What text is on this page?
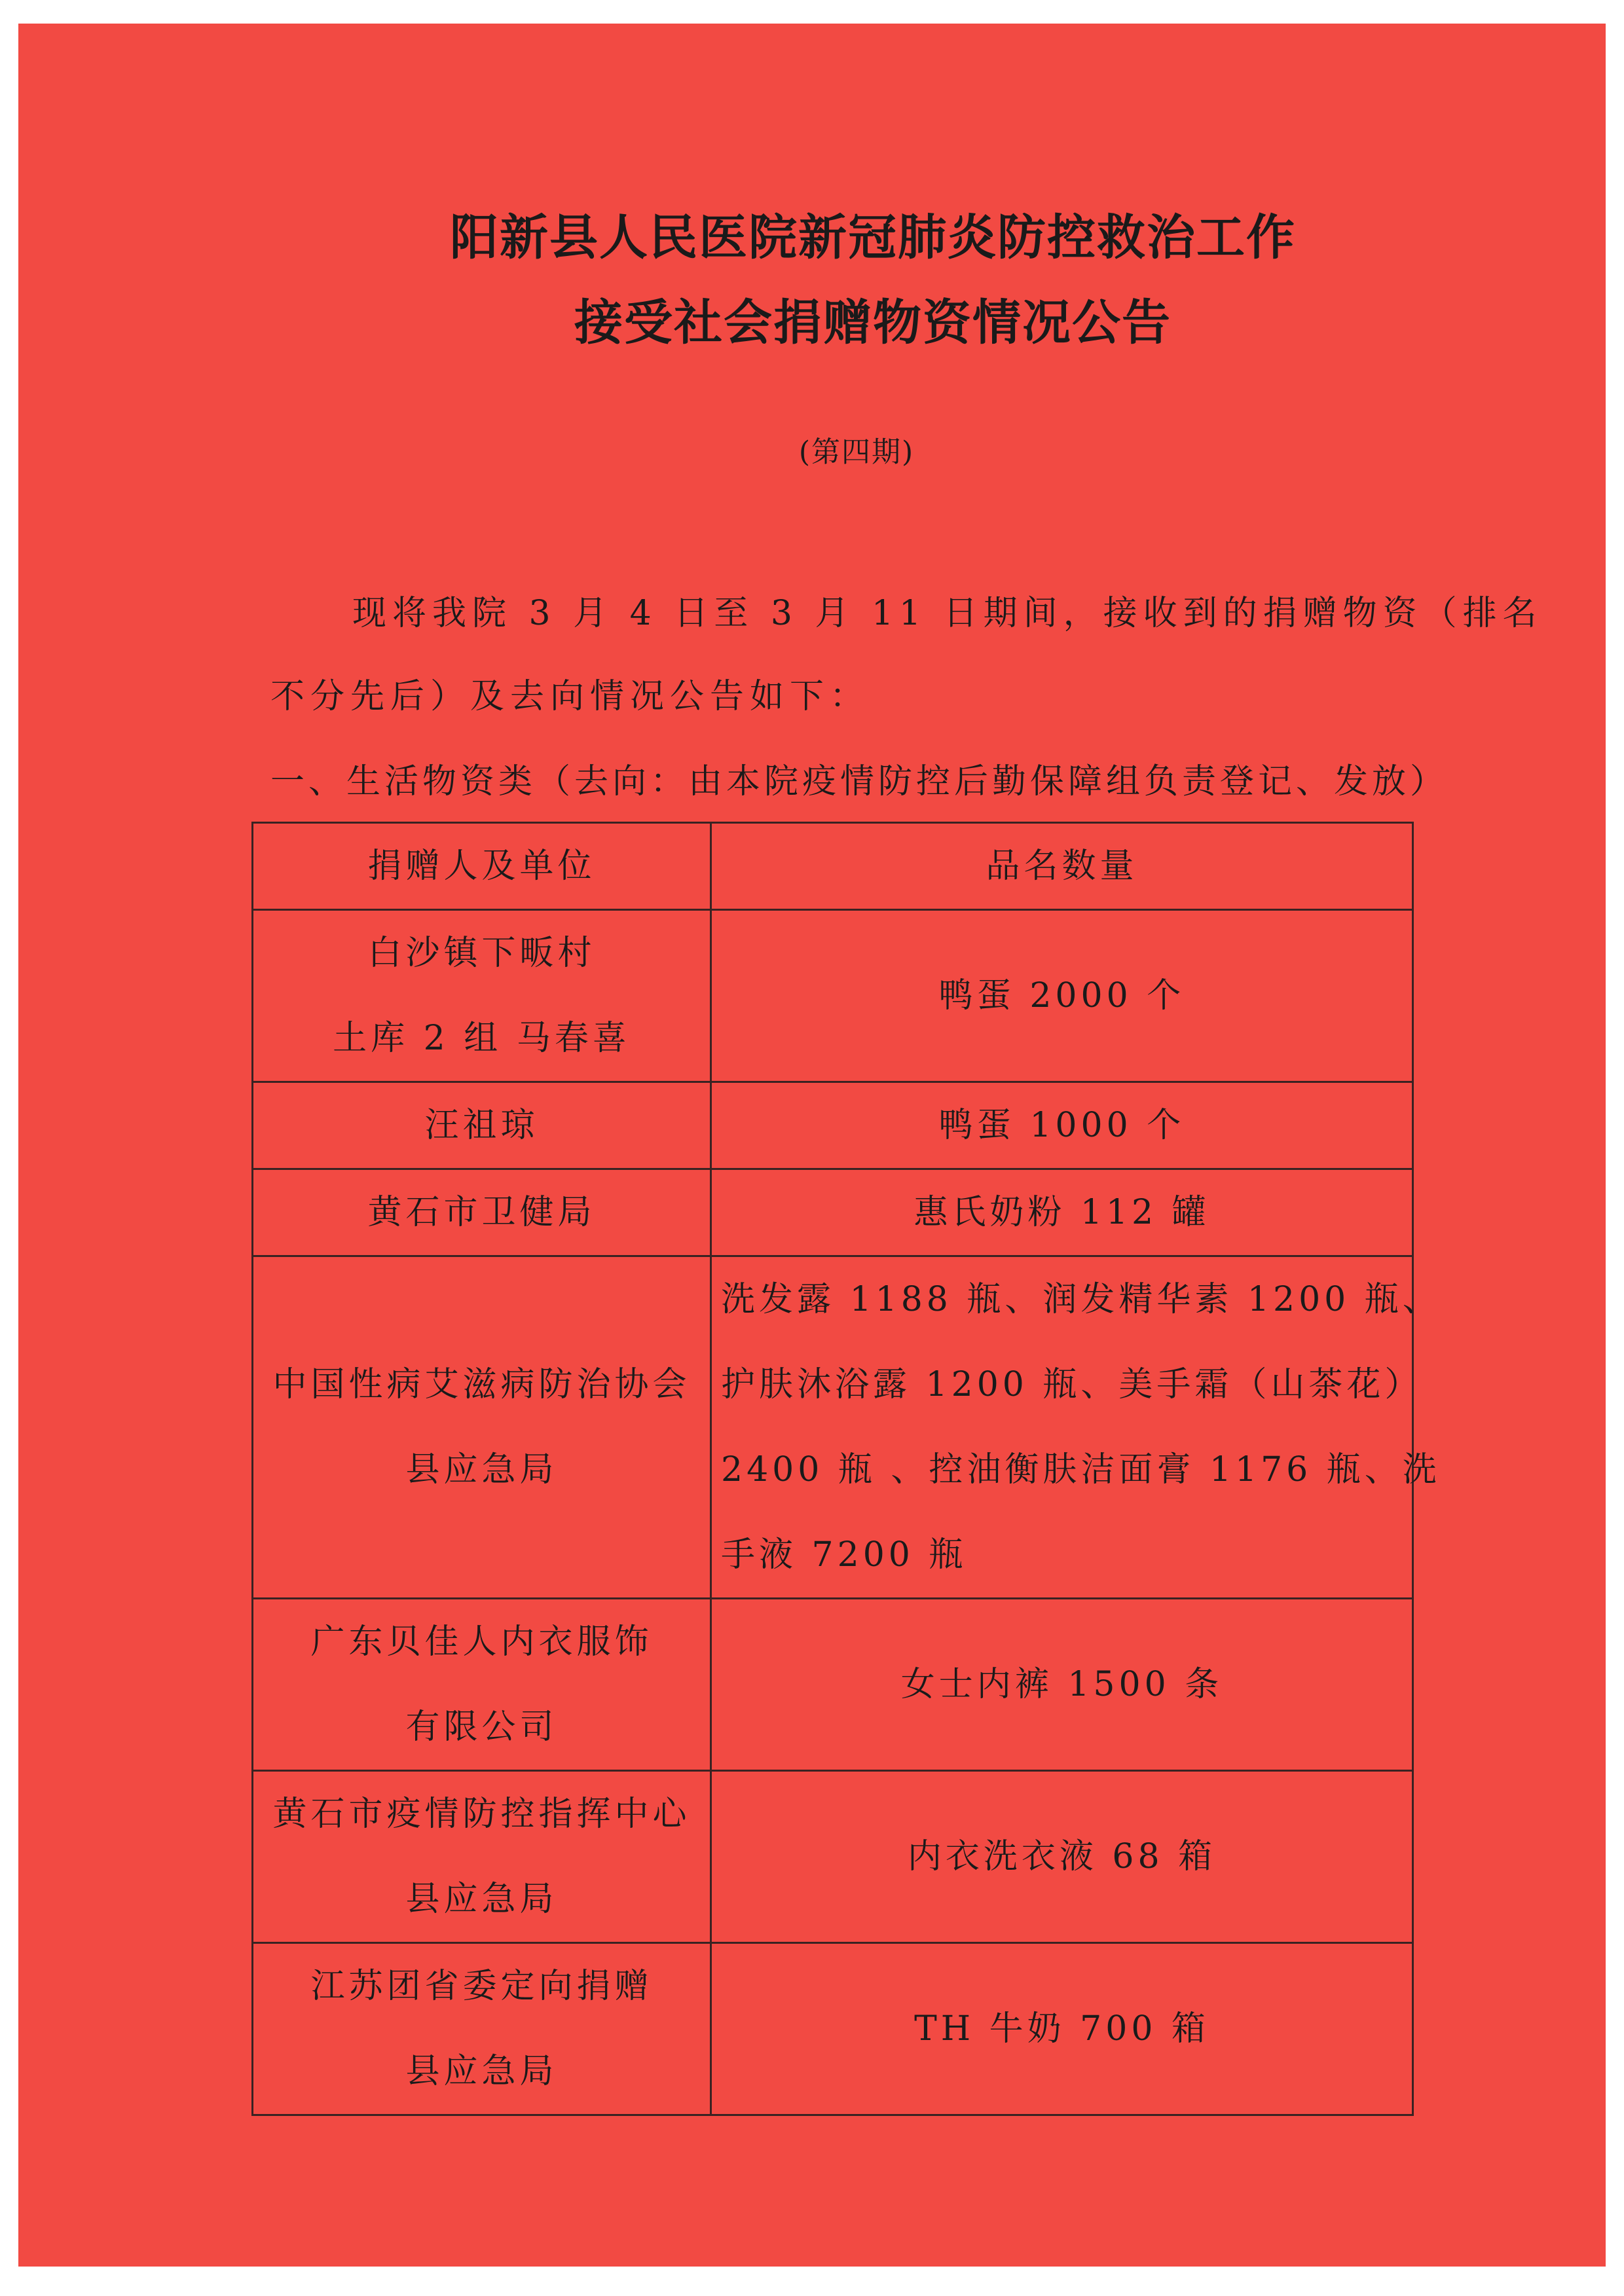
阳新县人民医院新冠肺炎防控救治工作
接受社会捐赠物资情况公告
(第四期)
现将我院 3 月 4 日至 3 月 11 日期间，接收到的捐赠物资（排名
不分先后）及去向情况公告如下：
一、生活物资类（去向：由本院疫情防控后勤保障组负责登记、发放）
捐赠人及单位	品名数量

白沙镇下畈村
土库 2 组 马春喜	鸭蛋 2000 个

汪祖琼	鸭蛋 1000 个

黄石市卫健局	惠氏奶粉 112 罐

中国性病艾滋病防治协会
县应急局	洗发露 1188 瓶、润发精华素 1200 瓶、
护肤沐浴露 1200 瓶、美手霜（山茶花）
2400 瓶 、控油衡肤洁面膏 1176 瓶、洗
手液 7200 瓶

广东贝佳人内衣服饰
有限公司	女士内裤 1500 条

黄石市疫情防控指挥中心
县应急局	内衣洗衣液 68 箱

江苏团省委定向捐赠
县应急局	TH 牛奶 700 箱
